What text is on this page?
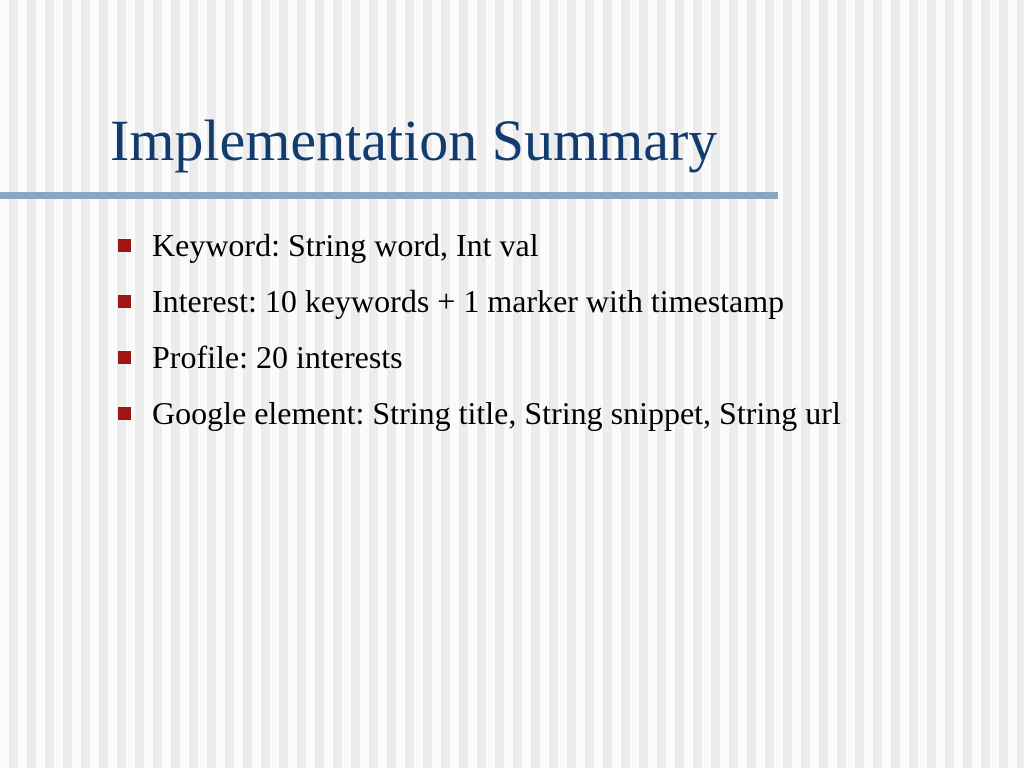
Implementation Summary
Keyword: String word, Int val
Interest: 10 keywords + 1 marker with timestamp
Profile: 20 interests
Google element: String title, String snippet, String url
